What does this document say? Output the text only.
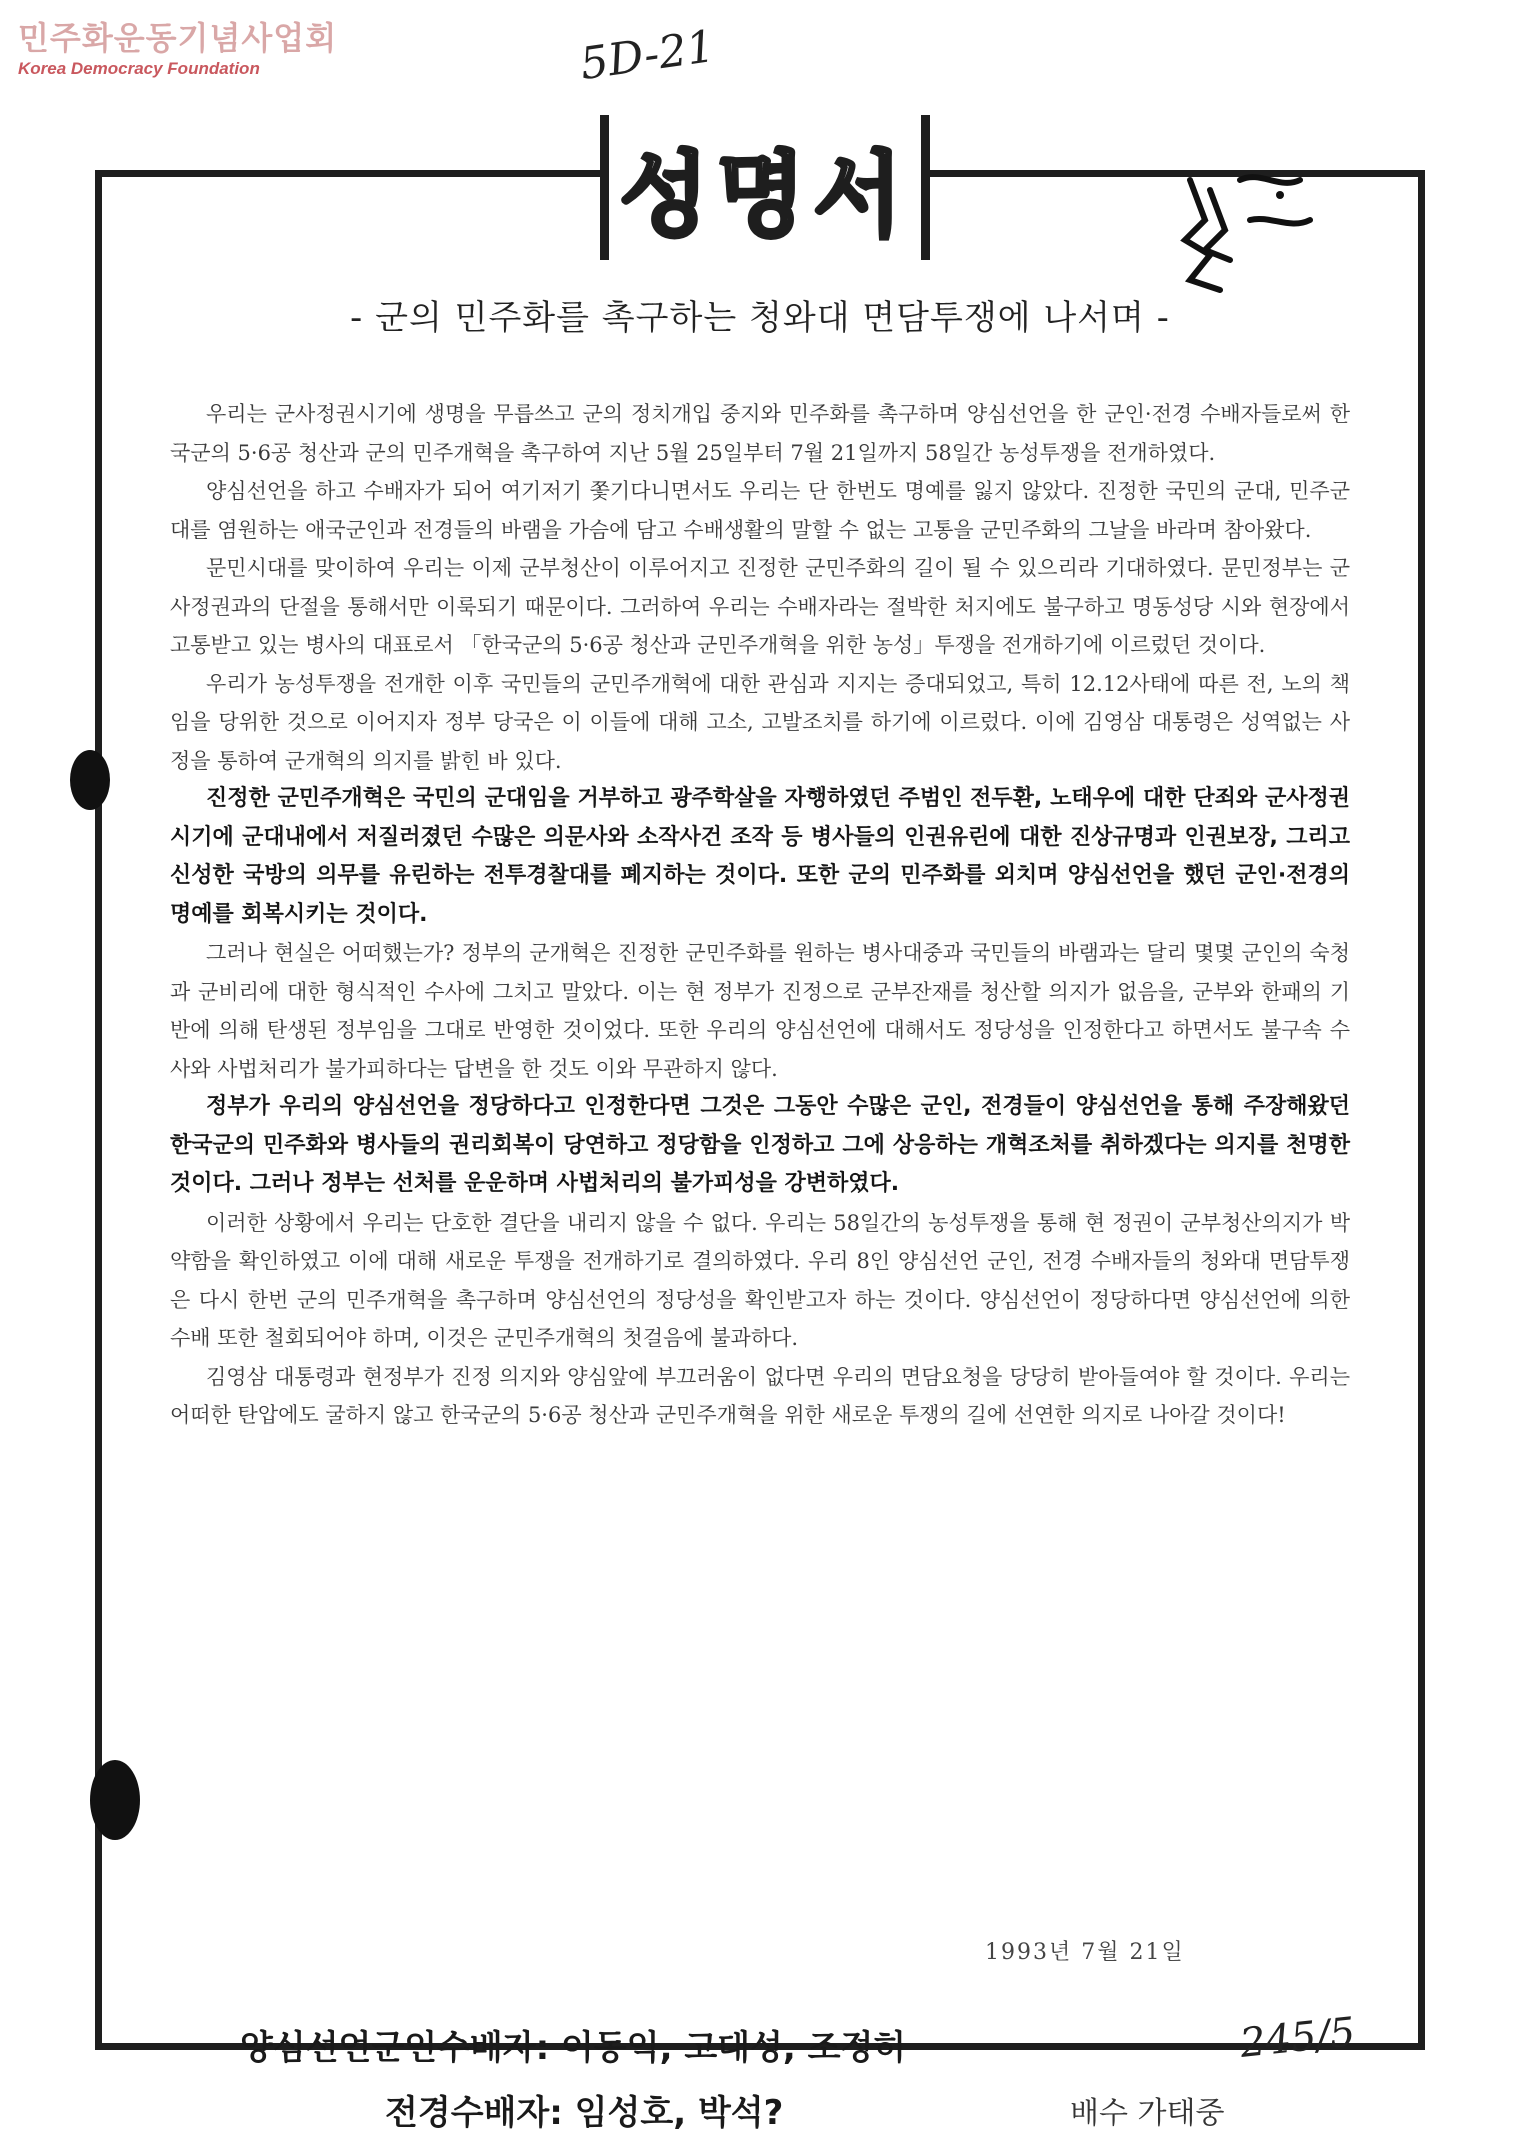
민주화운동기념사업회
Korea Democracy Foundation	5D-21
성명서
- 군의 민주화를 촉구하는 청와대 면담투쟁에 나서며 -

우리는 군사정권시기에 생명을 무릅쓰고 군의 정치개입 중지와 민주화를 촉구하며 양심선언을 한 군인·전경 수배자들로써 한국군의 5·6공 청산과 군의 민주개혁을 촉구하여 지난 5월 25일부터 7월 21일까지 58일간 농성투쟁을 전개하였다.

양심선언을 하고 수배자가 되어 여기저기 쫓기다니면서도 우리는 단 한번도 명예를 잃지 않았다. 진정한 국민의 군대, 민주군대를 염원하는 애국군인과 전경들의 바램을 가슴에 담고 수배생활의 말할 수 없는 고통을 군민주화의 그날을 바라며 참아왔다.

문민시대를 맞이하여 우리는 이제 군부청산이 이루어지고 진정한 군민주화의 길이 될 수 있으리라 기대하였다. 문민정부는 군사정권과의 단절을 통해서만 이룩되기 때문이다. 그러하여 우리는 수배자라는 절박한 처지에도 불구하고 명동성당 시와 현장에서 고통받고 있는 병사의 대표로서 「한국군의 5·6공 청산과 군민주개혁을 위한 농성」투쟁을 전개하기에 이르렀던 것이다.

우리가 농성투쟁을 전개한 이후 국민들의 군민주개혁에 대한 관심과 지지는 증대되었고, 특히 12.12사태에 따른 전, 노의 책임을 당위한 것으로 이어지자 정부 당국은 이 이들에 대해 고소, 고발조치를 하기에 이르렀다. 이에 김영삼 대통령은 성역없는 사정을 통하여 군개혁의 의지를 밝힌 바 있다.

진정한 군민주개혁은 국민의 군대임을 거부하고 광주학살을 자행하였던 주범인 전두환, 노태우에 대한 단죄와 군사정권시기에 군대내에서 저질러졌던 수많은 의문사와 소작사건 조작 등 병사들의 인권유린에 대한 진상규명과 인권보장, 그리고 신성한 국방의 의무를 유린하는 전투경찰대를 폐지하는 것이다. 또한 군의 민주화를 외치며 양심선언을 했던 군인·전경의 명예를 회복시키는 것이다.

그러나 현실은 어떠했는가? 정부의 군개혁은 진정한 군민주화를 원하는 병사대중과 국민들의 바램과는 달리 몇몇 군인의 숙청과 군비리에 대한 형식적인 수사에 그치고 말았다. 이는 현 정부가 진정으로 군부잔재를 청산할 의지가 없음을, 군부와 한패의 기반에 의해 탄생된 정부임을 그대로 반영한 것이었다. 또한 우리의 양심선언에 대해서도 정당성을 인정한다고 하면서도 불구속 수사와 사법처리가 불가피하다는 답변을 한 것도 이와 무관하지 않다.

정부가 우리의 양심선언을 정당하다고 인정한다면 그것은 그동안 수많은 군인, 전경들이 양심선언을 통해 주장해왔던 한국군의 민주화와 병사들의 권리회복이 당연하고 정당함을 인정하고 그에 상응하는 개혁조처를 취하겠다는 의지를 천명한 것이다. 그러나 정부는 선처를 운운하며 사법처리의 불가피성을 강변하였다.

이러한 상황에서 우리는 단호한 결단을 내리지 않을 수 없다. 우리는 58일간의 농성투쟁을 통해 현 정권이 군부청산의지가 박약함을 확인하였고 이에 대해 새로운 투쟁을 전개하기로 결의하였다. 우리 8인 양심선언 군인, 전경 수배자들의 청와대 면담투쟁은 다시 한번 군의 민주개혁을 촉구하며 양심선언의 정당성을 확인받고자 하는 것이다. 양심선언이 정당하다면 양심선언에 의한 수배 또한 철회되어야 하며, 이것은 군민주개혁의 첫걸음에 불과하다.

김영삼 대통령과 현정부가 진정 의지와 양심앞에 부끄러움이 없다면 우리의 면담요청을 당당히 받아들여야 할 것이다. 우리는 어떠한 탄압에도 굴하지 않고 한국군의 5·6공 청산과 군민주개혁을 위한 새로운 투쟁의 길에 선연한 의지로 나아갈 것이다!

1993년 7월 21일
양심선언군인수배자: 이동익, 고대성, 조정히
전경수배자: 임성호, 박석?	배수 가태중
245/5
